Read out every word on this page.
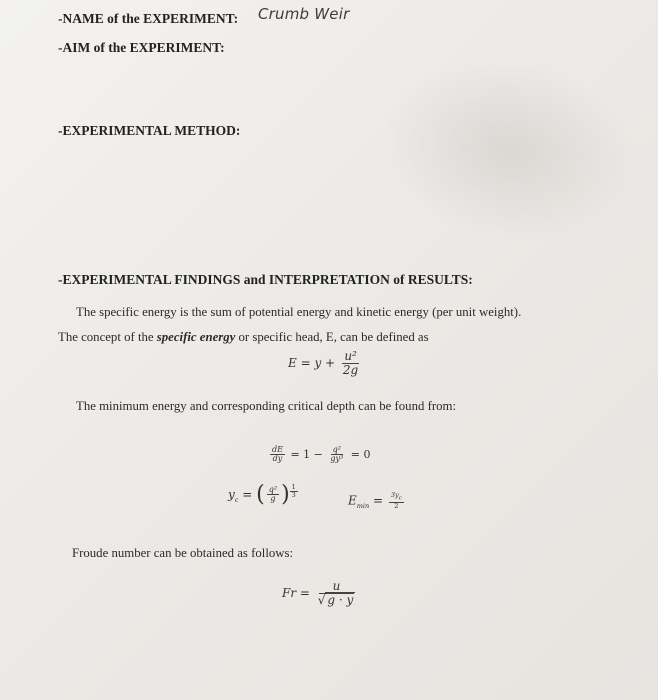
-NAME of the EXPERIMENT: Crumb Weir
-AIM of the EXPERIMENT:
-EXPERIMENTAL METHOD:
-EXPERIMENTAL FINDINGS and INTERPRETATION of RESULTS:
The specific energy is the sum of potential energy and kinetic energy (per unit weight).
The concept of the specific energy or specific head, E, can be defined as
$E = y + \frac{\text{u²}}{2g}$
The minimum energy and corresponding critical depth can be found from:
$\frac{dE}{dy} = 1 - \frac{\text{q²}}{\text{gy³}} = 0$
$y_c$ = ( $\frac{\text{q²}}{g}$ ) $\frac{1}{3}$
$E_{min} = \frac{3y_c}{2}$
Froude number can be obtained as follows:
$Fr = \frac{u}{√ g \cdot y}$
